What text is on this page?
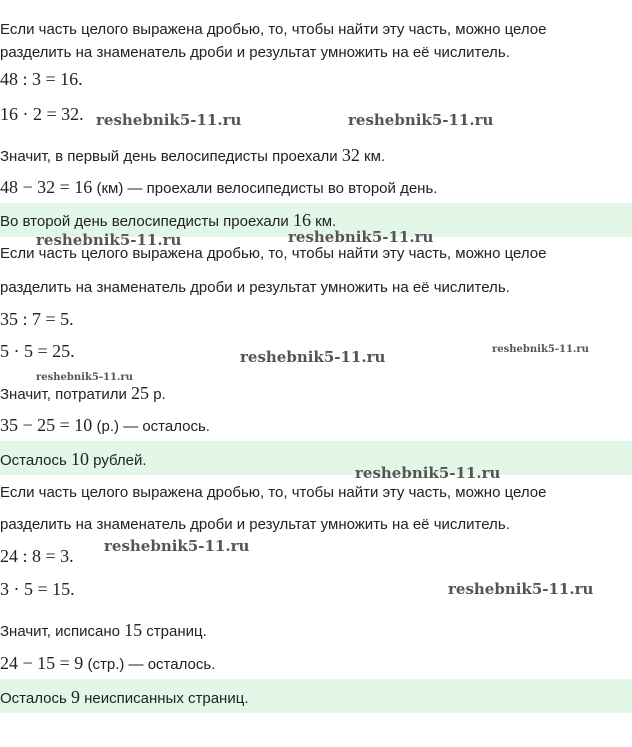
Если часть целого выражена дробью, то, чтобы найти эту часть, можно целое
разделить на знаменатель дроби и результат умножить на её числитель.
48 : 3 = 16.
16 · 2 = 32.
Значит, в первый день велосипедисты проехали 32 км.
48 − 32 = 16 (км) — проехали велосипедисты во второй день.
Во второй день велосипедисты проехали 16 км.
Если часть целого выражена дробью, то, чтобы найти эту часть, можно целое
разделить на знаменатель дроби и результат умножить на её числитель.
35 : 7 = 5.
5 · 5 = 25.
Значит, потратили 25 р.
35 − 25 = 10 (р.) — осталось.
Осталось 10 рублей.
Если часть целого выражена дробью, то, чтобы найти эту часть, можно целое
разделить на знаменатель дроби и результат умножить на её числитель.
24 : 8 = 3.
3 · 5 = 15.
Значит, исписано 15 страниц.
24 − 15 = 9 (стр.) — осталось.
Осталось 9 неисписанных страниц.
reshebnik5-11.ru	reshebnik5-11.ru
reshebnik5-11.ru	reshebnik5-11.ru
reshebnik5-11.ru	reshebnik5-11.ru
reshebnik5-11.ru
reshebnik5-11.ru
reshebnik5-11.ru
reshebnik5-11.ru
